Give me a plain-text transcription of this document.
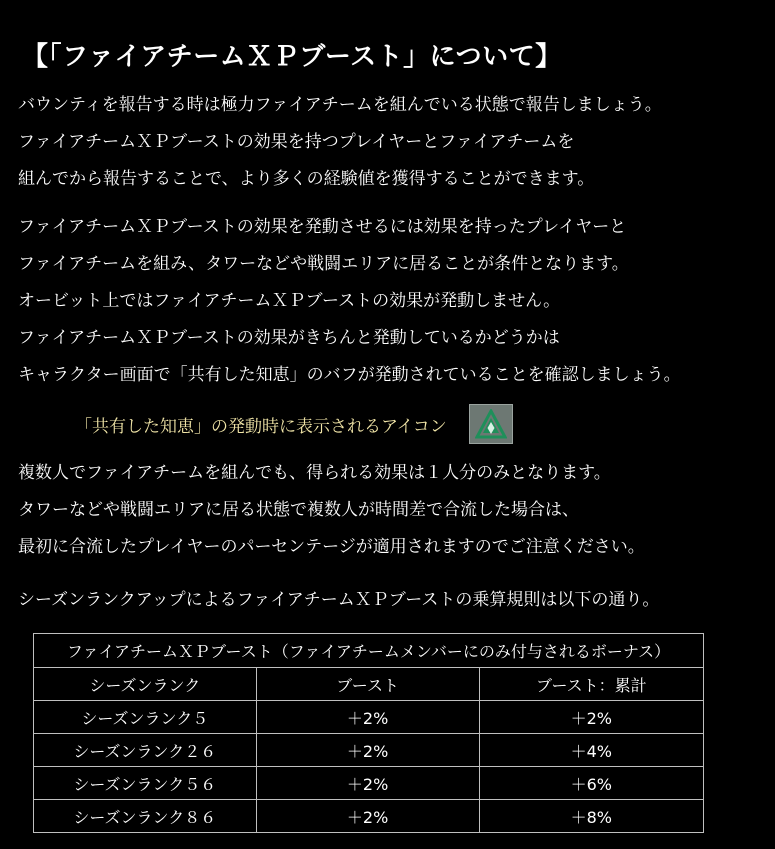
【「ファイアチームＸＰブースト」について】
バウンティを報告する時は極力ファイアチームを組んでいる状態で報告しましょう。
ファイアチームＸＰブーストの効果を持つプレイヤーとファイアチームを
組んでから報告することで、より多くの経験値を獲得することができます。
ファイアチームＸＰブーストの効果を発動させるには効果を持ったプレイヤーと
ファイアチームを組み、タワーなどや戦闘エリアに居ることが条件となります。
オービット上ではファイアチームＸＰブーストの効果が発動しません。
ファイアチームＸＰブーストの効果がきちんと発動しているかどうかは
キャラクター画面で「共有した知恵」のバフが発動されていることを確認しましょう。
「共有した知恵」の発動時に表示されるアイコン
複数人でファイアチームを組んでも、得られる効果は１人分のみとなります。
タワーなどや戦闘エリアに居る状態で複数人が時間差で合流した場合は、
最初に合流したプレイヤーのパーセンテージが適用されますのでご注意ください。
シーズンランクアップによるファイアチームＸＰブーストの乗算規則は以下の通り。
ファイアチームＸＰブースト（ファイアチームメンバーにのみ付与されるボーナス）		
シーズンランク	ブースト	ブースト：累計
シーズンランク５	＋2%	＋2%
シーズンランク２６	＋2%	＋4%
シーズンランク５６	＋2%	＋6%
シーズンランク８６	＋2%	＋8%
